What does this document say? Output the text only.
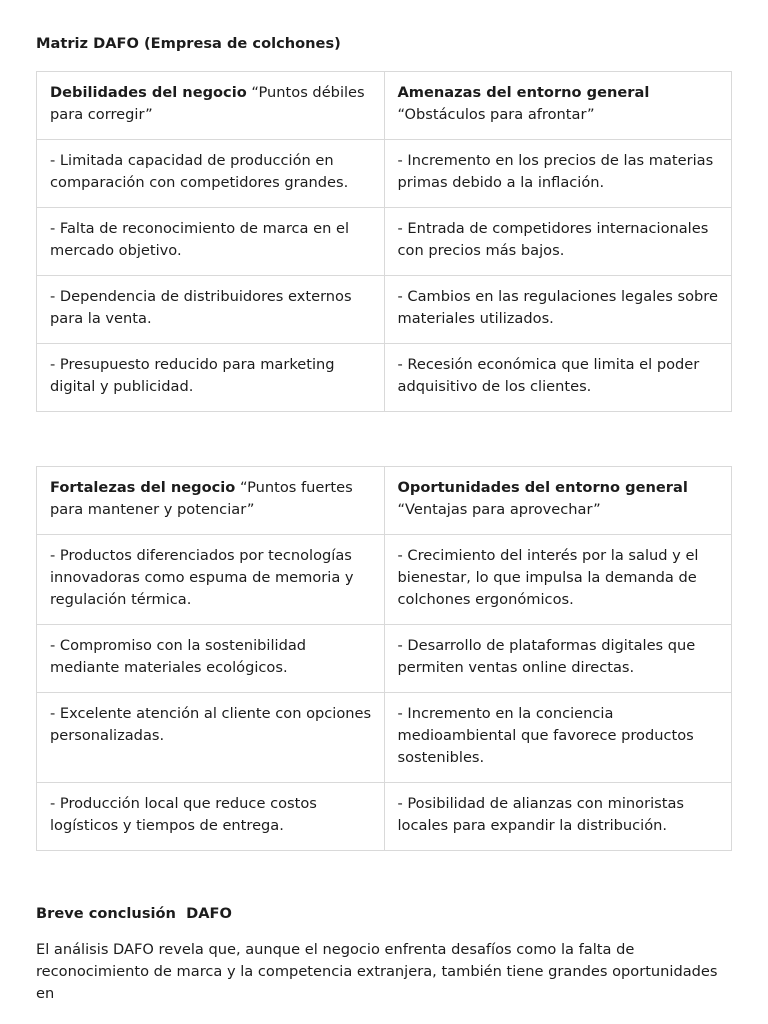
Matriz DAFO (Empresa de colchones)
Debilidades del negocio “Puntos débiles para corregir”	Amenazas del entorno general “Obstáculos para afrontar”
- Limitada capacidad de producción en comparación con competidores grandes.	- Incremento en los precios de las materias primas debido a la inflación.
- Falta de reconocimiento de marca en el mercado objetivo.	- Entrada de competidores internacionales con precios más bajos.
- Dependencia de distribuidores externos para la venta.	- Cambios en las regulaciones legales sobre materiales utilizados.
- Presupuesto reducido para marketing digital y publicidad.	- Recesión económica que limita el poder adquisitivo de los clientes.
Fortalezas del negocio “Puntos fuertes para mantener y potenciar”	Oportunidades del entorno general “Ventajas para aprovechar”
- Productos diferenciados por tecnologías innovadoras como espuma de memoria y regulación térmica.	- Crecimiento del interés por la salud y el bienestar, lo que impulsa la demanda de colchones ergonómicos.
- Compromiso con la sostenibilidad mediante materiales ecológicos.	- Desarrollo de plataformas digitales que permiten ventas online directas.
- Excelente atención al cliente con opciones personalizadas.	- Incremento en la conciencia medioambiental que favorece productos sostenibles.
- Producción local que reduce costos logísticos y tiempos de entrega.	- Posibilidad de alianzas con minoristas locales para expandir la distribución.
Breve conclusión  DAFO
El análisis DAFO revela que, aunque el negocio enfrenta desafíos como la falta de reconocimiento de marca y la competencia extranjera, también tiene grandes oportunidades en
